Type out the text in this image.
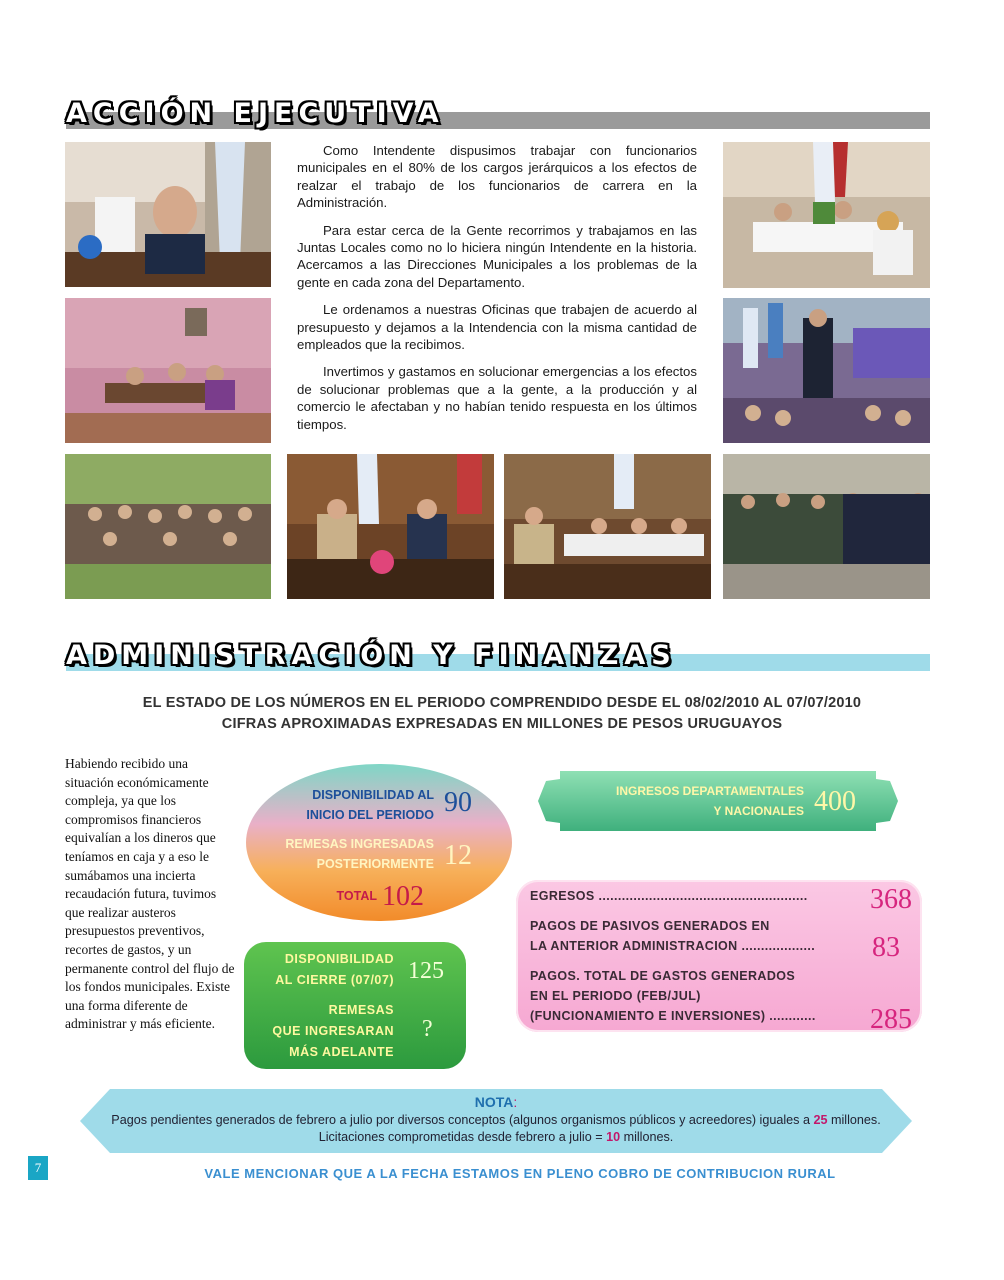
ACCIÓN EJECUTIVA

Como Intendente dispusimos trabajar con funcionarios municipales en el 80% de los cargos jerárquicos a los efectos de realzar el trabajo de los funcionarios de carrera en la Administración.

Para estar cerca de la Gente recorrimos y trabajamos en las Juntas Locales como no lo hiciera ningún Intendente en la historia. Acercamos a las Direcciones Municipales a los problemas de la gente en cada zona del Departamento.

Le ordenamos a nuestras Oficinas que trabajen de acuerdo al presupuesto y dejamos a la Intendencia con la misma cantidad de empleados que la recibimos.

Invertimos y gastamos en solucionar emergencias a los efectos de solucionar problemas que a la gente, a la producción y al comercio le afectaban y no habían tenido respuesta en los últimos tiempos.

ADMINISTRACIÓN Y FINANZAS
EL ESTADO DE LOS NÚMEROS EN EL PERIODO COMPRENDIDO DESDE EL 08/02/2010 AL 07/07/2010
CIFRAS APROXIMADAS EXPRESADAS EN MILLONES DE PESOS URUGUAYOS
Habiendo recibido una situación económicamente compleja, ya que los compromisos financieros equivalían a los dineros que teníamos en caja y a eso le sumábamos una incierta recaudación futura, tuvimos que realizar austeros presupuestos preventivos, recortes de gastos, y un permanente control del flujo de los fondos municipales. Existe una forma diferente de administrar y más eficiente.
DISPONIBILIDAD AL
INICIO DEL PERIODO 90
REMESAS INGRESADAS
POSTERIORMENTE 12
TOTAL 102
INGRESOS DEPARTAMENTALES
Y NACIONALES 400
EGRESOS ...................................................... 368
PAGOS DE PASIVOS GENERADOS EN
LA ANTERIOR ADMINISTRACION ................... 83
PAGOS. TOTAL DE GASTOS GENERADOS
EN EL PERIODO (FEB/JUL)
(FUNCIONAMIENTO E INVERSIONES) ............ 285
DISPONIBILIDAD
AL CIERRE (07/07) 125
REMESAS
QUE INGRESARAN
MÁS ADELANTE
?
NOTA:
Pagos pendientes generados de febrero a julio por diversos conceptos (algunos organismos públicos y acreedores) iguales a 25 millones.
Licitaciones comprometidas desde febrero a julio = 10 millones.
VALE MENCIONAR QUE A LA FECHA ESTAMOS EN PLENO COBRO DE CONTRIBUCION RURAL
7
